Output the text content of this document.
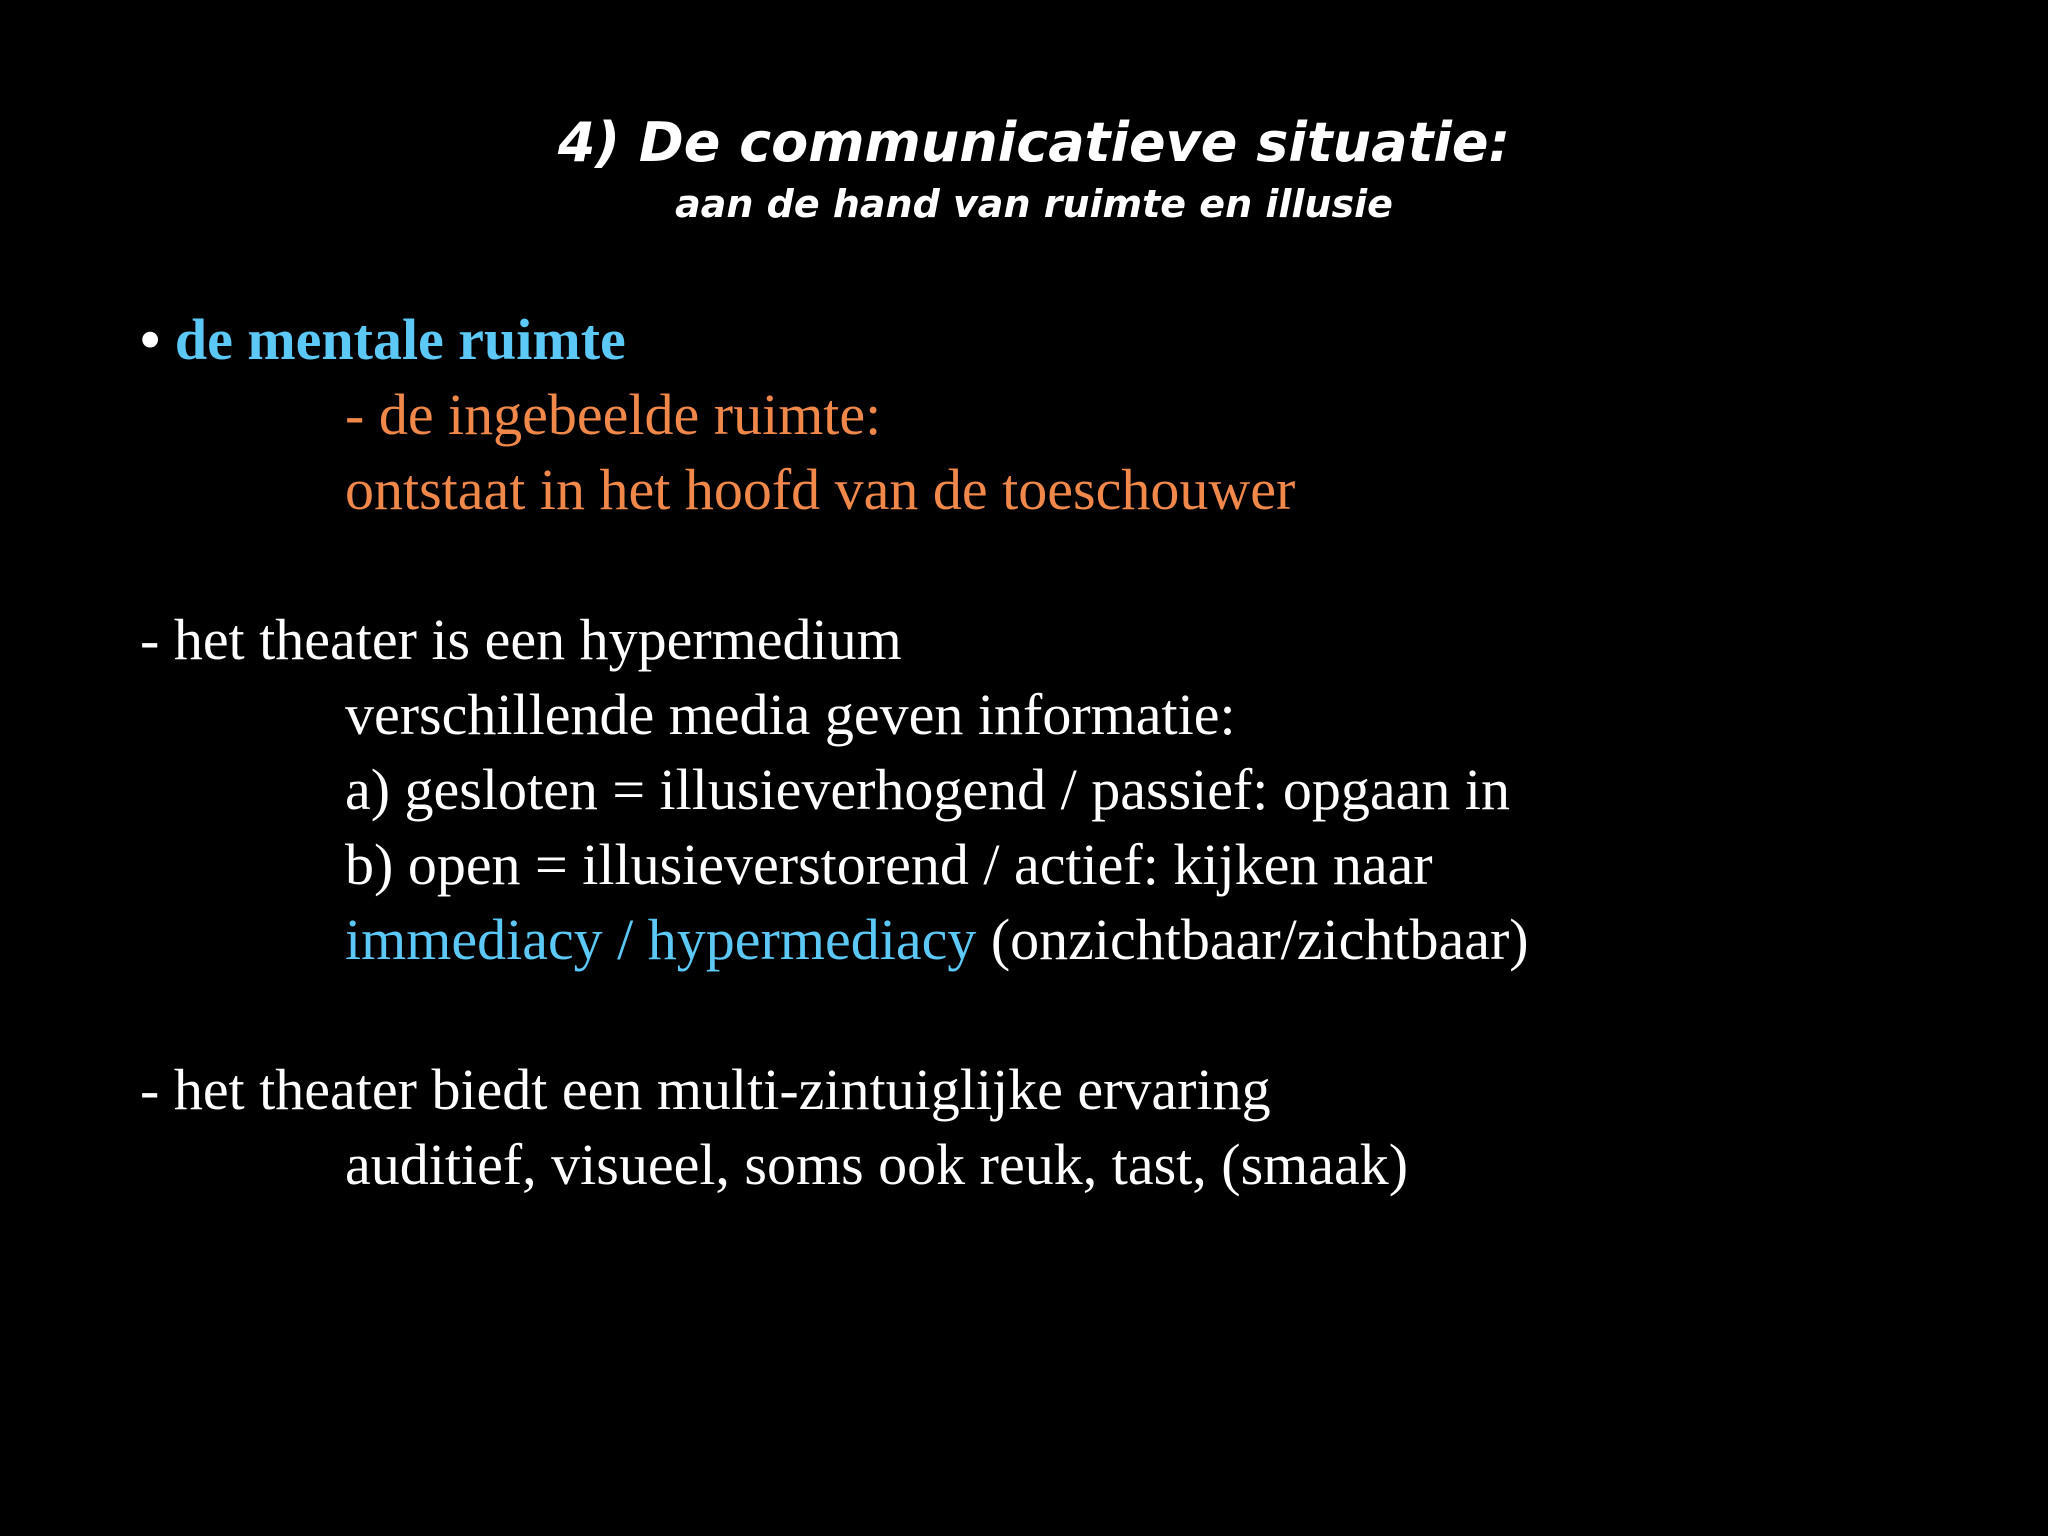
4) De communicatieve situatie:
aan de hand van ruimte en illusie
• de mentale ruimte
- de ingebeelde ruimte:
ontstaat in het hoofd van de toeschouwer
- het theater is een hypermedium
verschillende media geven informatie:
a) gesloten = illusieverhogend / passief: opgaan in
b) open = illusieverstorend / actief: kijken naar
immediacy / hypermediacy (onzichtbaar/zichtbaar)
- het theater biedt een multi-zintuiglijke ervaring
auditief, visueel, soms ook reuk, tast, (smaak)
